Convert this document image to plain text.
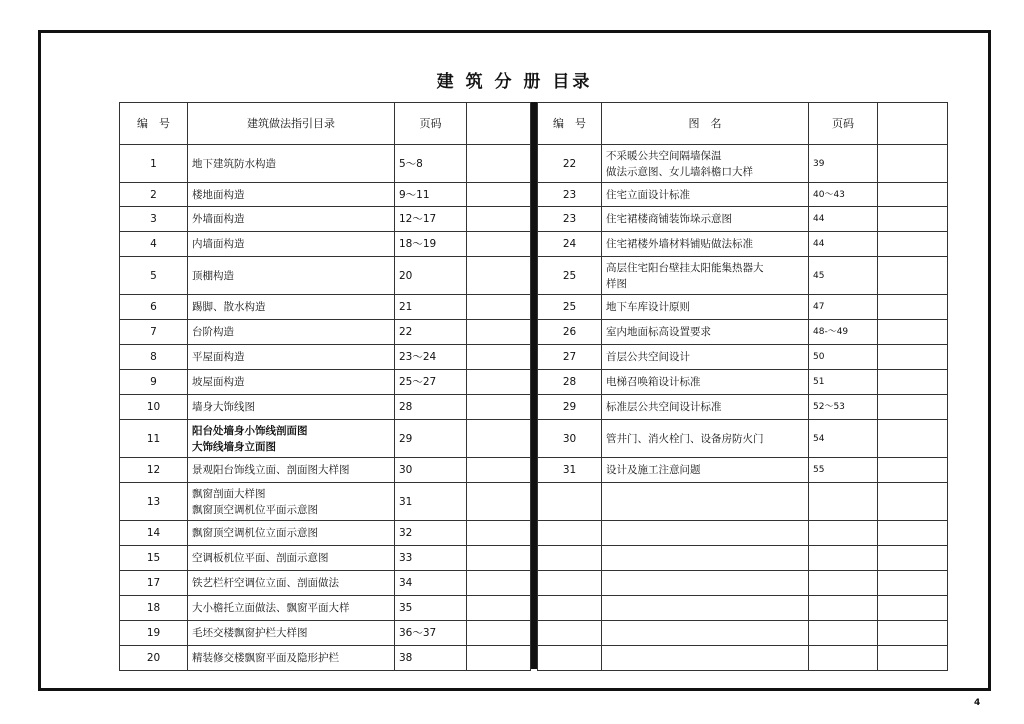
建 筑 分 册 目录
编　号	建筑做法指引目录	页码	
1	地下建筑防水构造	5～8	
2	楼地面构造	9～11	
3	外墙面构造	12～17	
4	内墙面构造	18～19	
5	顶棚构造	20	
6	踢脚、散水构造	21	
7	台阶构造	22	
8	平屋面构造	23～24	
9	坡屋面构造	25～27	
10	墙身大饰线图	28	
11	阳台处墙身小饰线剖面图
大饰线墙身立面图	29	
12	景观阳台饰线立面、剖面图大样图	30	
13	飘窗剖面大样图
飘窗顶空调机位平面示意图	31	
14	飘窗顶空调机位立面示意图	32	
15	空调板机位平面、剖面示意图	33	
17	铁艺栏杆空调位立面、剖面做法	34	
18	大小檐托立面做法、飘窗平面大样	35	
19	毛坯交楼飘窗护栏大样图	36～37	
20	精装修交楼飘窗平面及隐形护栏	38	
编　号	图　名	页码	
22	不采暖公共空间隔墙保温
做法示意图、女儿墙斜檐口大样	39	
23	住宅立面设计标准	40～43	
23	住宅裙楼商铺装饰垛示意图	44	
24	住宅裙楼外墙材料铺贴做法标准	44	
25	高层住宅阳台壁挂太阳能集热器大
样图	45	
25	地下车库设计原则	47	
26	室内地面标高设置要求	48-～49	
27	首层公共空间设计	50	
28	电梯召唤箱设计标准	51	
29	标准层公共空间设计标准	52～53	
30	管井门、消火栓门、设备房防火门	54	
31	设计及施工注意问题	55	

4
